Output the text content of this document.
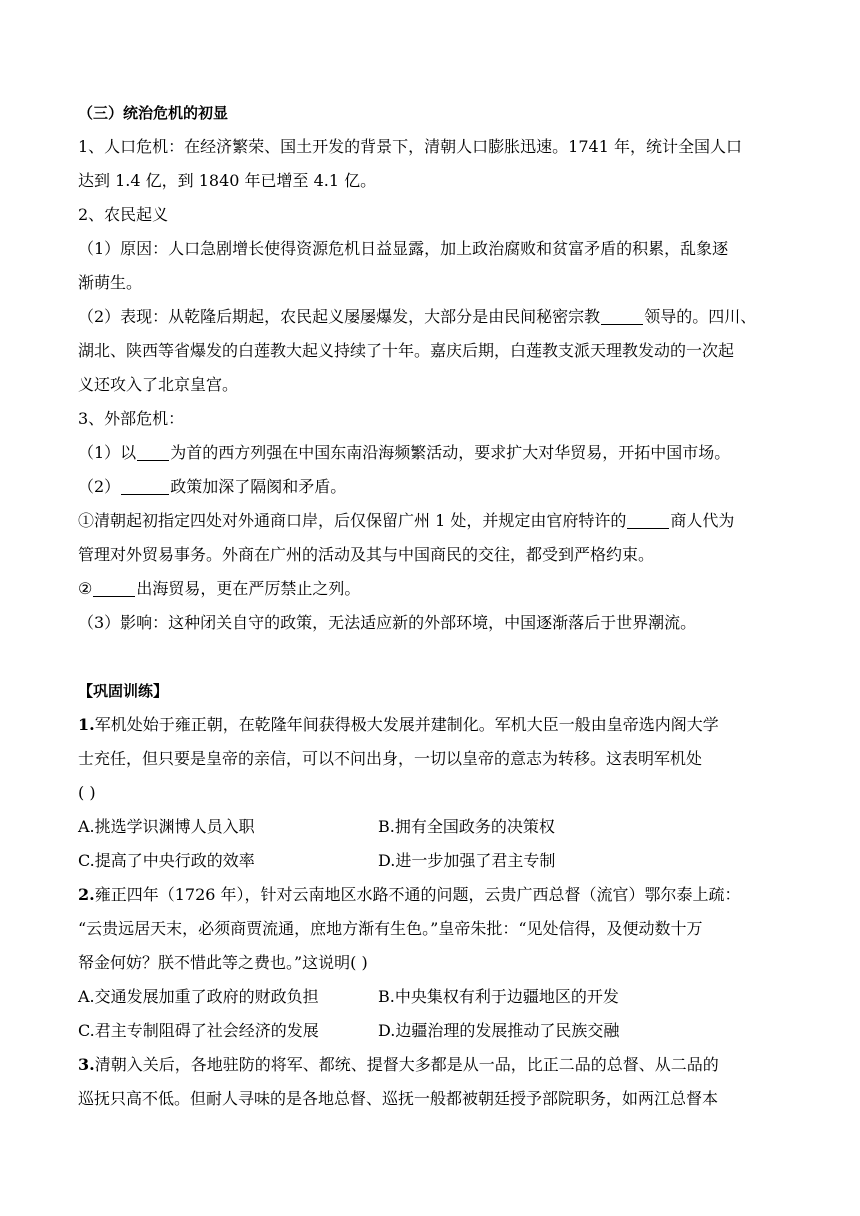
（三）统治危机的初显
1、人口危机：在经济繁荣、国土开发的背景下，清朝人口膨胀迅速。1741 年，统计全国人口
达到 1.4 亿，到 1840 年已增至 4.1 亿。
2、农民起义
（1）原因：人口急剧增长使得资源危机日益显露，加上政治腐败和贫富矛盾的积累，乱象逐
渐萌生。
（2）表现：从乾隆后期起，农民起义屡屡爆发，大部分是由民间秘密宗教	领导的。四川、
湖北、陕西等省爆发的白莲教大起义持续了十年。嘉庆后期，白莲教支派天理教发动的一次起
义还攻入了北京皇宫。
3、外部危机：
（1）以 为首的西方列强在中国东南沿海频繁活动，要求扩大对华贸易，开拓中国市场。
（2）	政策加深了隔阂和矛盾。
①清朝起初指定四处对外通商口岸，后仅保留广州 1 处，并规定由官府特许的	商人代为
管理对外贸易事务。外商在广州的活动及其与中国商民的交往，都受到严格约束。
②	出海贸易，更在严厉禁止之列。
（3）影响：这种闭关自守的政策，无法适应新的外部环境，中国逐渐落后于世界潮流。
【巩固训练】
1.军机处始于雍正朝，在乾隆年间获得极大发展并建制化。军机大臣一般由皇帝选内阁大学
士充任，但只要是皇帝的亲信，可以不问出身，一切以皇帝的意志为转移。这表明军机处
( )
A.挑选学识渊博人员入职	B.拥有全国政务的决策权
C.提高了中央行政的效率	D.进一步加强了君主专制
2.雍正四年（1726 年），针对云南地区水路不通的问题，云贵广西总督（流官）鄂尔泰上疏：
“云贵远居天末，必须商贾流通，庶地方渐有生色。”皇帝朱批：“见处信得，及便动数十万
帑金何妨？朕不惜此等之费也。”这说明( )
A.交通发展加重了政府的财政负担	B.中央集权有利于边疆地区的开发
C.君主专制阻碍了社会经济的发展	D.边疆治理的发展推动了民族交融
3.清朝入关后，各地驻防的将军、都统、提督大多都是从一品，比正二品的总督、从二品的
巡抚只高不低。但耐人寻味的是各地总督、巡抚一般都被朝廷授予部院职务，如两江总督本
